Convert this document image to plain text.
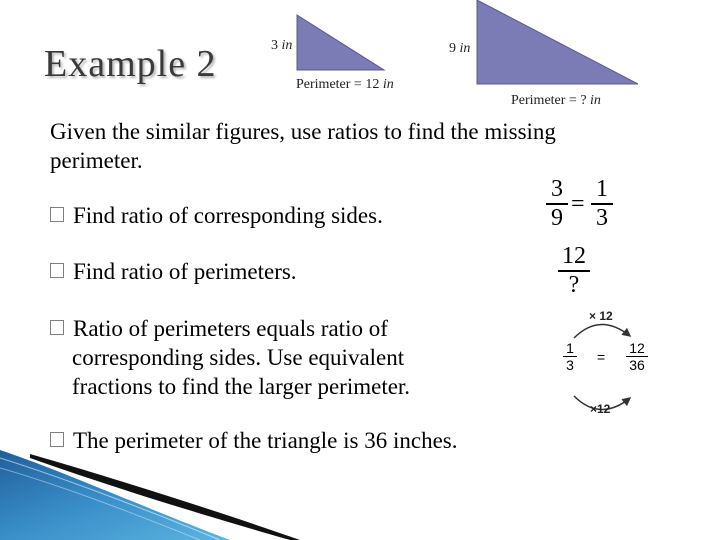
Example 2	3 in
Perimeter = 12 in
9 in
Perimeter = ? in
Given the similar figures, use ratios to find the missing perimeter.
Find ratio of corresponding sides.
Find ratio of perimeters.
Ratio of perimeters equals ratio of
corresponding sides. Use equivalent
fractions to find the larger perimeter.
The perimeter of the triangle is 36 inches.
3
9
=
1
3
12
?
× 12
×12
1
3 =
12
36
